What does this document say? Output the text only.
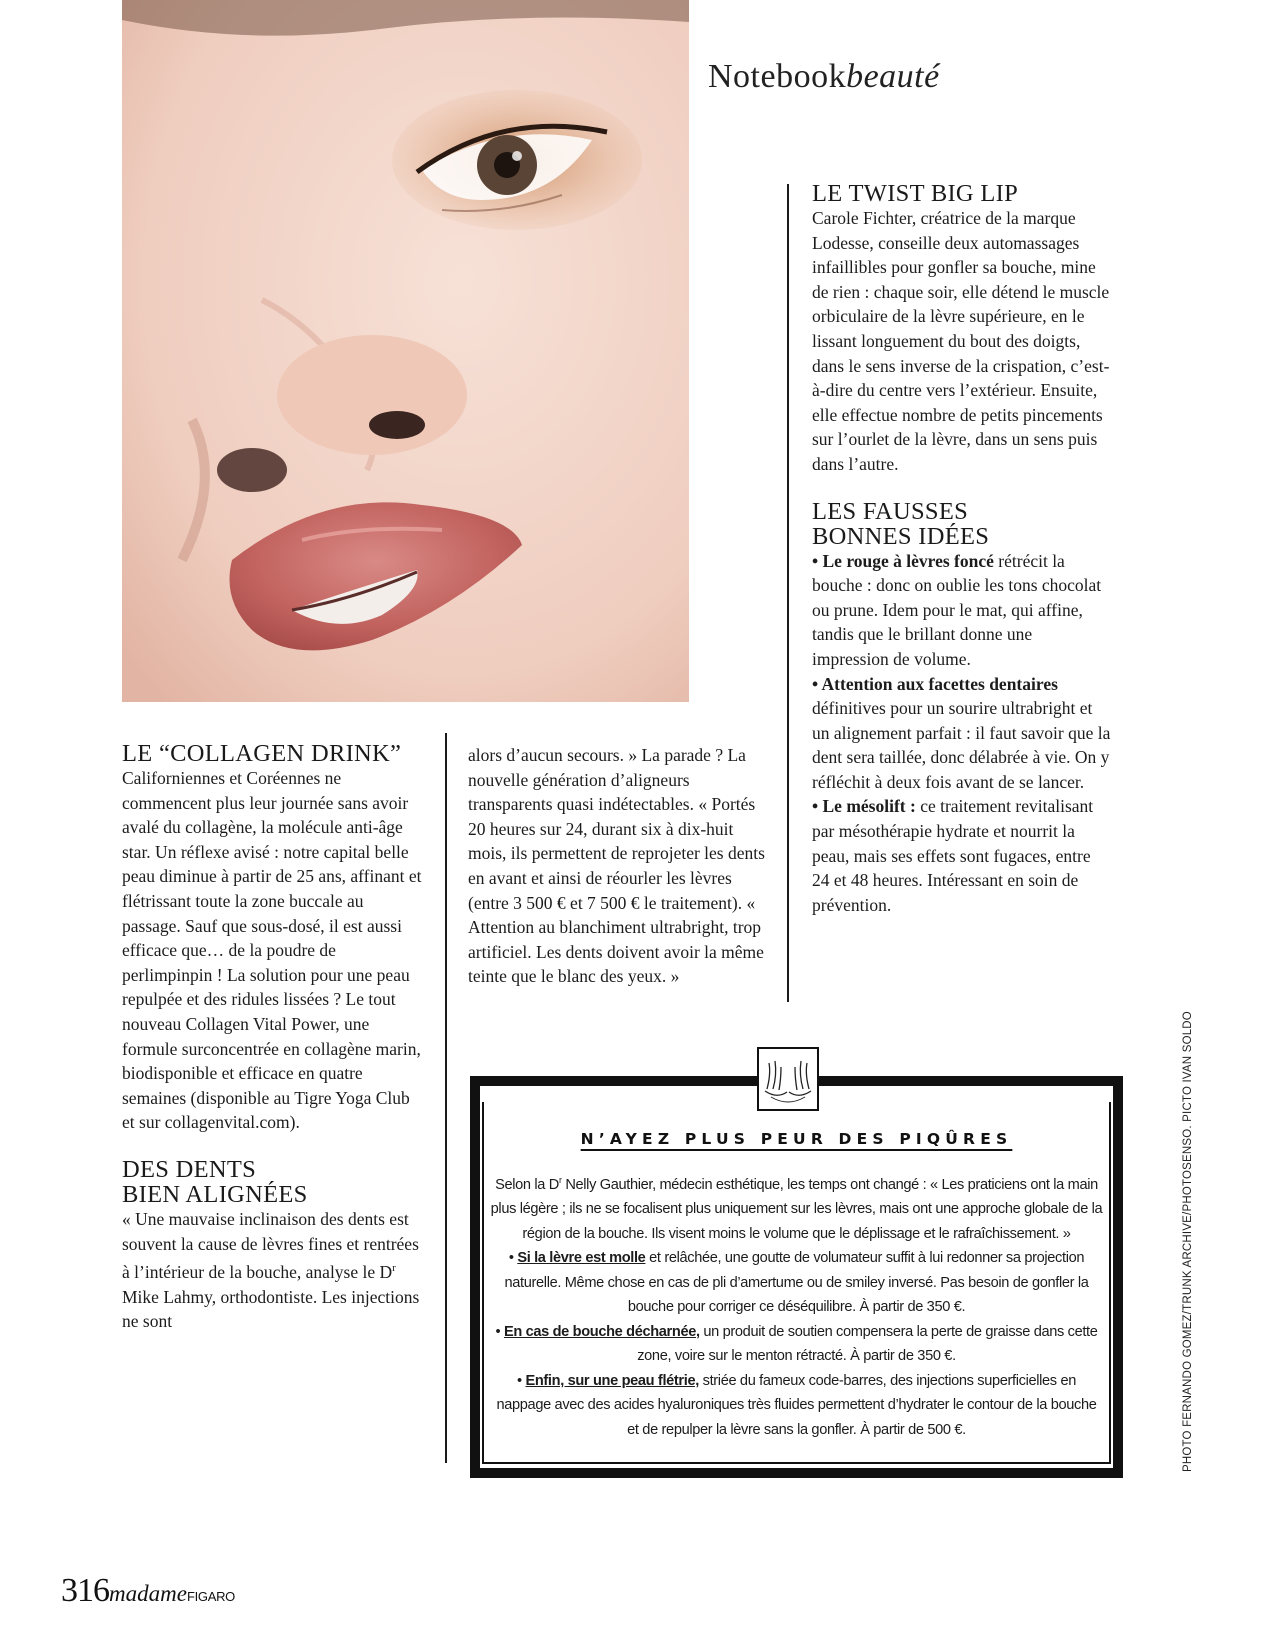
Notebookbeauté
LE “COLLAGEN DRINK”

Californiennes et Coréennes ne commencent plus leur journée sans avoir avalé du collagène, la molécule anti-âge star. Un réflexe avisé : notre capital belle peau diminue à partir de 25 ans, affinant et flétrissant toute la zone buccale au passage. Sauf que sous-dosé, il est aussi efficace que… de la poudre de perlimpinpin ! La solution pour une peau repulpée et des ridules lissées ? Le tout nouveau Collagen Vital Power, une formule surconcentrée en collagène marin, biodisponible et efficace en quatre semaines (disponible au Tigre Yoga Club et sur collagenvital.com).

DES DENTS
BIEN ALIGNÉES

« Une mauvaise inclinaison des dents est souvent la cause de lèvres fines et rentrées à l’intérieur de la bouche, analyse le $D^r$ Mike Lahmy, orthodontiste. Les injections ne sont

alors d’aucun secours. » La parade ? La nouvelle génération d’aligneurs transparents quasi indétectables. « Portés 20 heures sur 24, durant six à dix-huit mois, ils permettent de reprojeter les dents en avant et ainsi de réourler les lèvres (entre 3 500 € et 7 500 € le traitement). « Attention au blanchiment ultrabright, trop artificiel. Les dents doivent avoir la même teinte que le blanc des yeux. »

LE TWIST BIG LIP

Carole Fichter, créatrice de la marque Lodesse, conseille deux automassages infaillibles pour gonfler sa bouche, mine de rien : chaque soir, elle détend le muscle orbiculaire de la lèvre supérieure, en le lissant longuement du bout des doigts, dans le sens inverse de la crispation, c’est-à-dire du centre vers l’extérieur. Ensuite, elle effectue nombre de petits pincements sur l’ourlet de la lèvre, dans un sens puis dans l’autre.

LES FAUSSES
BONNES IDÉES

• Le rouge à lèvres foncé rétrécit la bouche : donc on oublie les tons chocolat ou prune. Idem pour le mat, qui affine, tandis que le brillant donne une impression de volume.

• Attention aux facettes dentaires définitives pour un sourire ultrabright et un alignement parfait : il faut savoir que la dent sera taillée, donc délabrée à vie. On y réfléchit à deux fois avant de se lancer.

• Le mésolift : ce traitement revitalisant par mésothérapie hydrate et nourrit la peau, mais ses effets sont fugaces, entre 24 et 48 heures. Intéressant en soin de prévention.

N’AYEZ PLUS PEUR DES PIQÛRES

Selon la $D^r$ Nelly Gauthier, médecin esthétique, les temps ont changé : « Les praticiens ont la main plus légère ; ils ne se focalisent plus uniquement sur les lèvres, mais ont une approche globale de la région de la bouche. Ils visent moins le volume que le déplissage et le rafraîchissement. »

• Si la lèvre est molle et relâchée, une goutte de volumateur suffit à lui redonner sa projection naturelle. Même chose en cas de pli d’amertume ou de smiley inversé. Pas besoin de gonfler la bouche pour corriger ce déséquilibre. À partir de 350 €.

• En cas de bouche décharnée, un produit de soutien compensera la perte de graisse dans cette zone, voire sur le menton rétracté. À partir de 350 €.

• Enfin, sur une peau flétrie, striée du fameux code-barres, des injections superficielles en nappage avec des acides hyaluroniques très fluides permettent d’hydrater le contour de la bouche et de repulper la lèvre sans la gonfler. À partir de 500 €.	PHOTO FERNANDO GOMEZ/TRUNK ARCHIVE/PHOTOSENSO. PICTO IVAN SOLDO
316madameFIGARO
